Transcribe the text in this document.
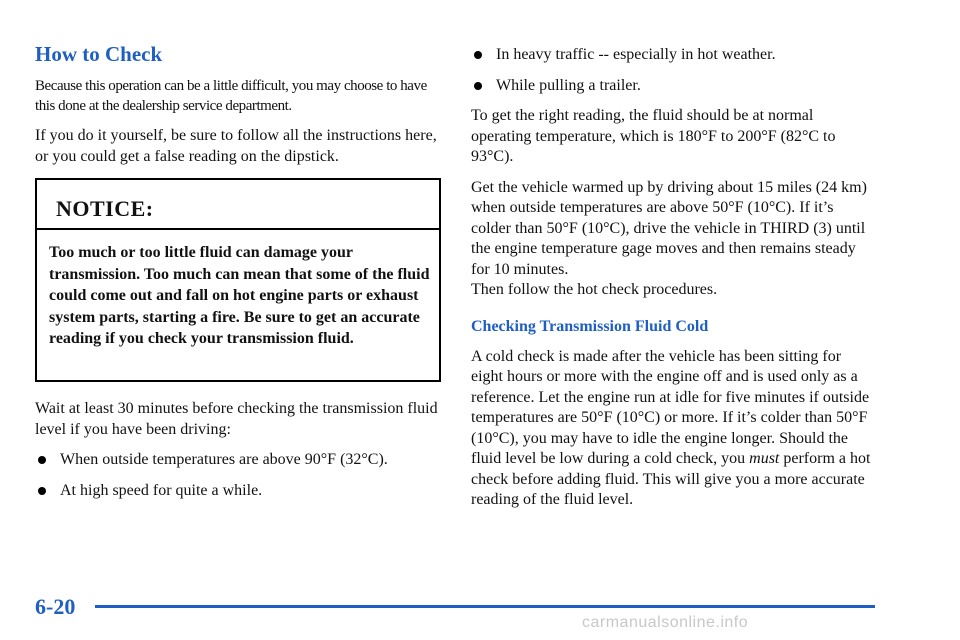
How to Check

Because this operation can be a little difficult, you may choose to have this done at the dealership service department.

If you do it yourself, be sure to follow all the instructions here, or you could get a false reading on the dipstick.

NOTICE:
Too much or too little fluid can damage your transmission. Too much can mean that some of the fluid could come out and fall on hot engine parts or exhaust system parts, starting a fire. Be sure to get an accurate reading if you check your transmission fluid.

Wait at least 30 minutes before checking the transmission fluid level if you have been driving:

When outside temperatures are above 90°F (32°C).

At high speed for quite a while.

In heavy traffic -- especially in hot weather.

While pulling a trailer.

To get the right reading, the fluid should be at normal operating temperature, which is 180°F to 200°F (82°C to 93°C).

Get the vehicle warmed up by driving about 15 miles (24 km) when outside temperatures are above 50°F (10°C). If it’s colder than 50°F (10°C), drive the vehicle in THIRD (3) until the engine temperature gage moves and then remains steady for 10 minutes.

Then follow the hot check procedures.

Checking Transmission Fluid Cold

A cold check is made after the vehicle has been sitting for eight hours or more with the engine off and is used only as a reference. Let the engine run at idle for five minutes if outside temperatures are 50°F (10°C) or more. If it’s colder than 50°F (10°C), you may have to idle the engine longer. Should the fluid level be low during a cold check, you must perform a hot check before adding fluid. This will give you a more accurate reading of the fluid level.

6-20
carmanualsonline.info
